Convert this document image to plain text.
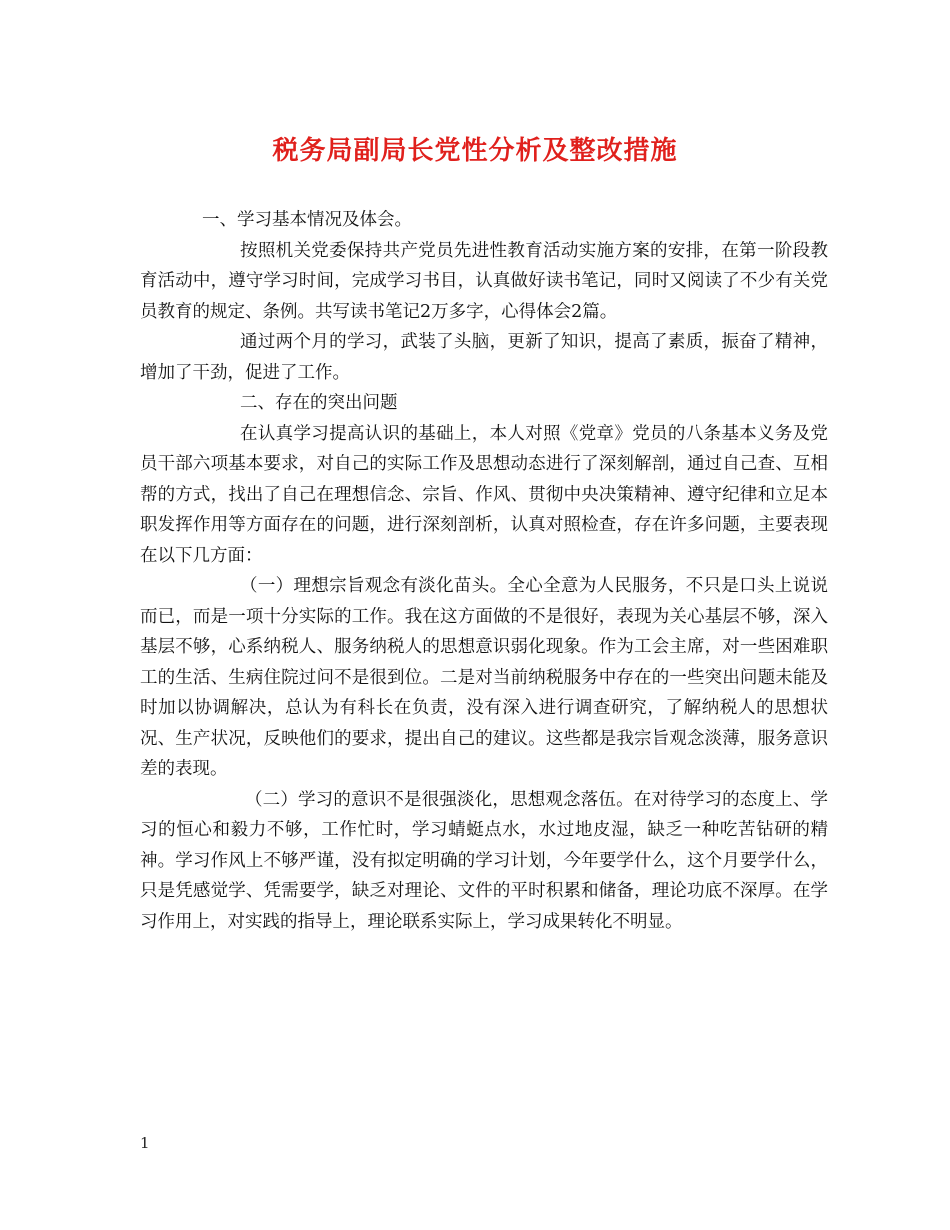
税务局副局长党性分析及整改措施

一、学习基本情况及体会。

按照机关党委保持共产党员先进性教育活动实施方案的安排，在第一阶段教育活动中，遵守学习时间，完成学习书目，认真做好读书笔记，同时又阅读了不少有关党员教育的规定、条例。共写读书笔记2万多字，心得体会2篇。

通过两个月的学习，武装了头脑，更新了知识，提高了素质，振奋了精神，增加了干劲，促进了工作。

二、存在的突出问题

在认真学习提高认识的基础上，本人对照《党章》党员的八条基本义务及党员干部六项基本要求，对自己的实际工作及思想动态进行了深刻解剖，通过自己查、互相帮的方式，找出了自己在理想信念、宗旨、作风、贯彻中央决策精神、遵守纪律和立足本职发挥作用等方面存在的问题，进行深刻剖析，认真对照检查，存在许多问题，主要表现在以下几方面：

（一）理想宗旨观念有淡化苗头。全心全意为人民服务，不只是口头上说说而已，而是一项十分实际的工作。我在这方面做的不是很好，表现为关心基层不够，深入基层不够，心系纳税人、服务纳税人的思想意识弱化现象。作为工会主席，对一些困难职工的生活、生病住院过问不是很到位。二是对当前纳税服务中存在的一些突出问题未能及时加以协调解决，总认为有科长在负责，没有深入进行调查研究，了解纳税人的思想状况、生产状况，反映他们的要求，提出自己的建议。这些都是我宗旨观念淡薄，服务意识差的表现。

（二）学习的意识不是很强淡化，思想观念落伍。在对待学习的态度上、学习的恒心和毅力不够，工作忙时，学习蜻蜓点水，水过地皮湿，缺乏一种吃苦钻研的精神。学习作风上不够严谨，没有拟定明确的学习计划，今年要学什么，这个月要学什么，只是凭感觉学、凭需要学，缺乏对理论、文件的平时积累和储备，理论功底不深厚。在学习作用上，对实践的指导上，理论联系实际上，学习成果转化不明显。

1
